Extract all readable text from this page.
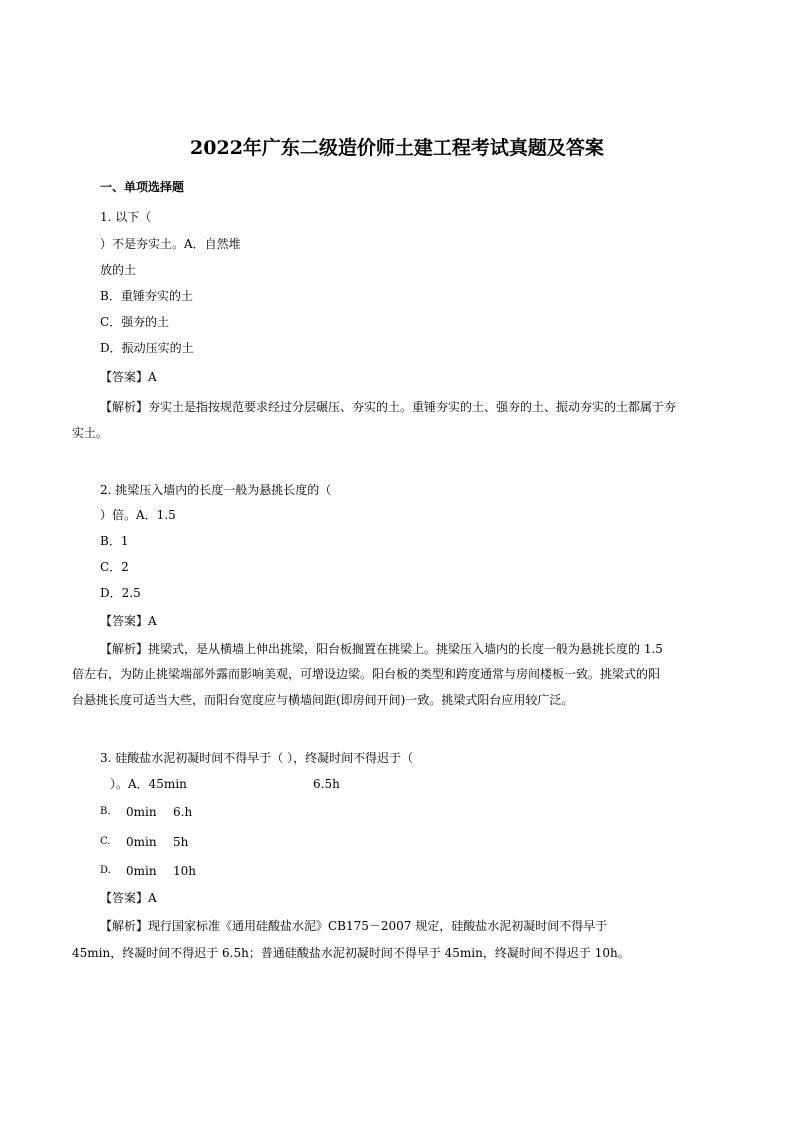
2022年广东二级造价师土建工程考试真题及答案
一、单项选择题
1. 以下（
）不是夯实土。A．自然堆
放的土
B．重锤夯实的土
C．强夯的土
D．振动压实的土
【答案】A
【解析】夯实土是指按规范要求经过分层碾压、夯实的土。重锤夯实的土、强夯的土、振动夯实的土都属于夯
实土。
2. 挑梁压入墙内的长度一般为悬挑长度的（
）倍。A．1.5
B．1
C．2
D．2.5
【答案】A
【解析】挑梁式，是从横墙上伸出挑梁，阳台板搁置在挑梁上。挑梁压入墙内的长度一般为悬挑长度的 1.5
倍左右，为防止挑梁端部外露而影响美观，可增设边梁。阳台板的类型和跨度通常与房间楼板一致。挑梁式的阳
台悬挑长度可适当大些，而阳台宽度应与横墙间距(即房间开间)一致。挑梁式阳台应用较广泛。
3. 硅酸盐水泥初凝时间不得早于（ ），终凝时间不得迟于（
）。A．45min	6.5h
B. 0min 6.h
C. 0min 5h
D. 0min 10h
【答案】A
【解析】现行国家标准《通用硅酸盐水泥》CB175－2007 规定，硅酸盐水泥初凝时间不得早于
45min，终凝时间不得迟于 6.5h；普通硅酸盐水泥初凝时间不得早于 45min，终凝时间不得迟于 10h。
